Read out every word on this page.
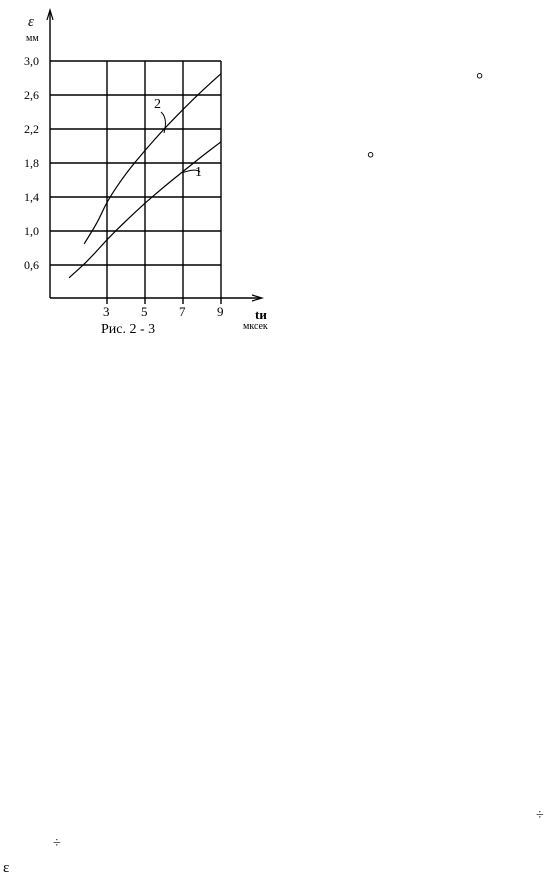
0,6
1,0
1,4
1,8
2,2
2,6
3,0
3 5 7 9
ε
мм
tи
мксек
Рис. 2 - 3
2
1
°
°
÷
÷
ε
